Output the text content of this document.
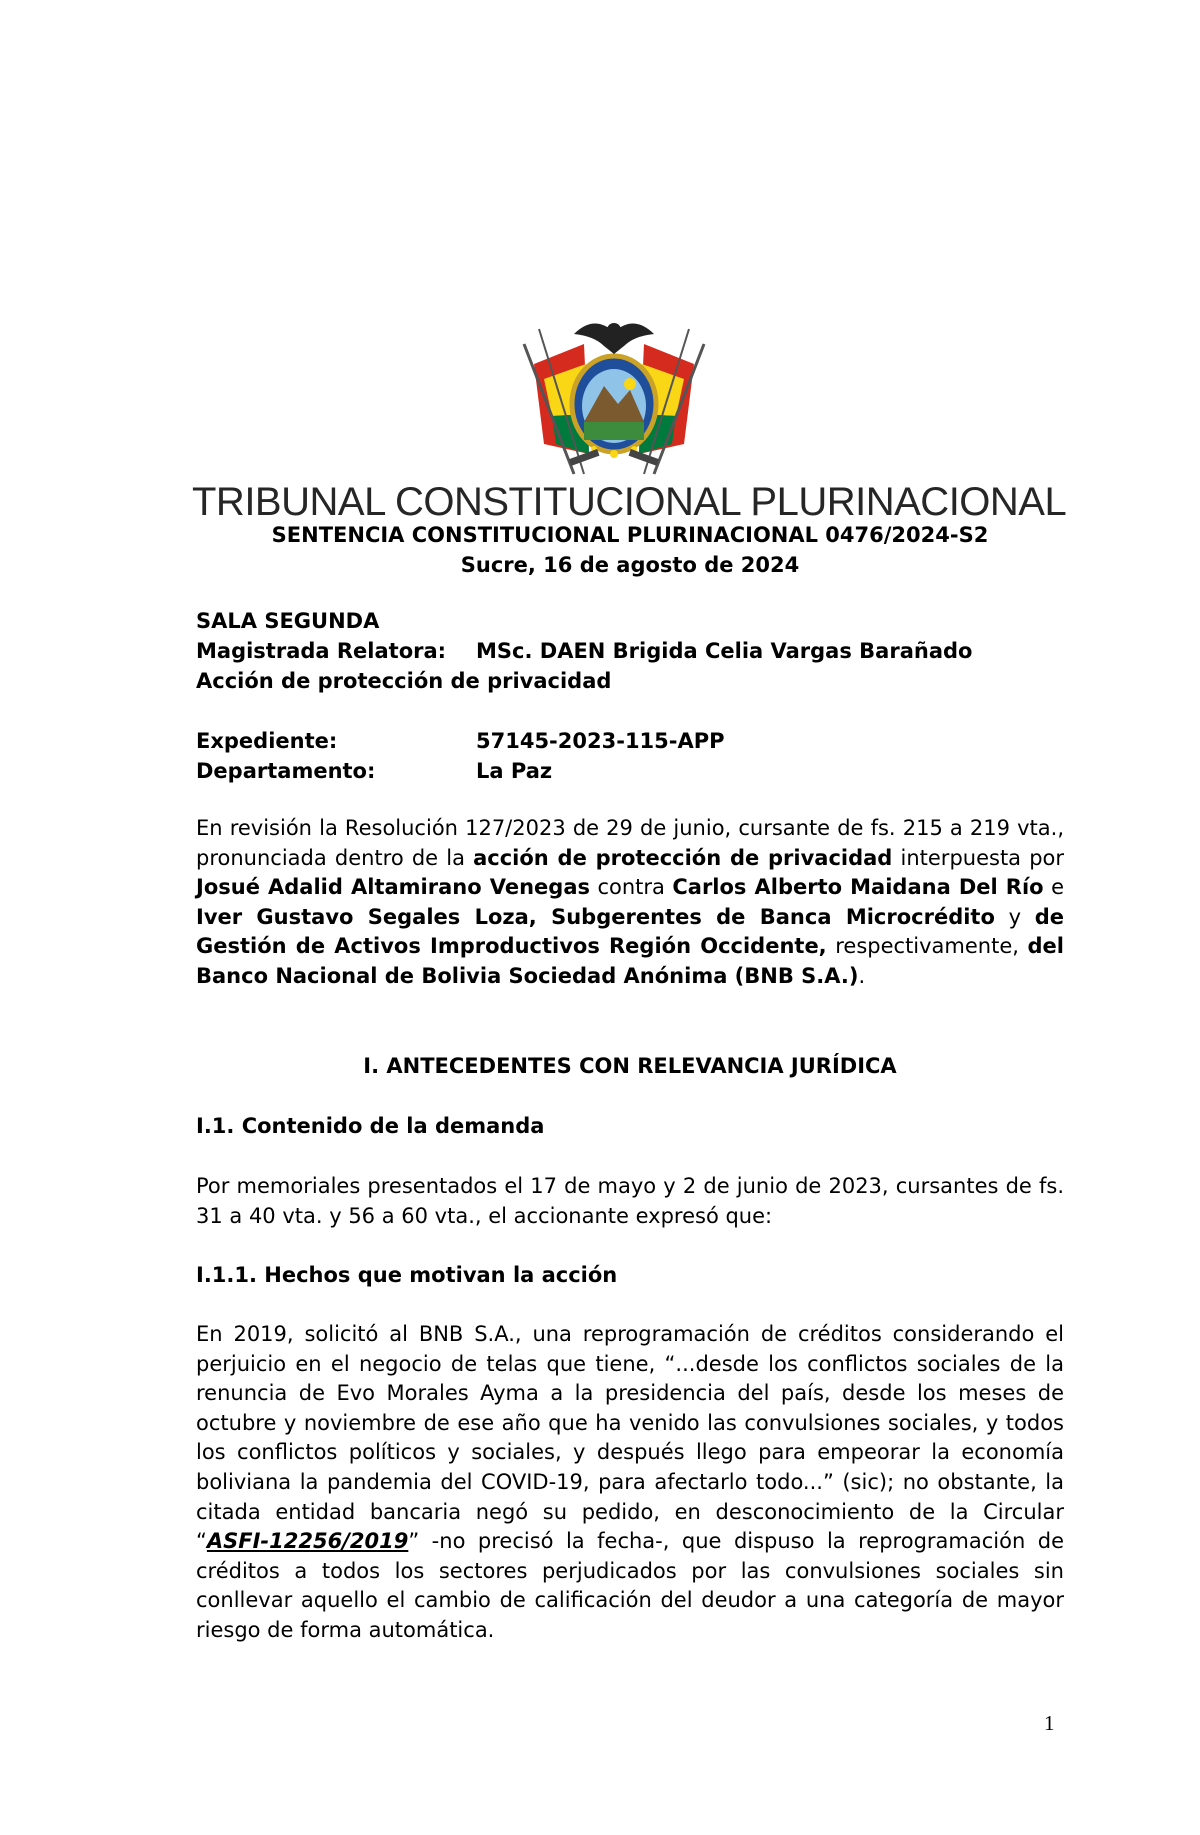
TRIBUNAL CONSTITUCIONAL PLURINACIONAL
SENTENCIA CONSTITUCIONAL PLURINACIONAL 0476/2024-S2
Sucre, 16 de agosto de 2024
SALA SEGUNDA
Magistrada Relatora:	MSc. DAEN Brigida Celia Vargas Barañado
Acción de protección de privacidad
Expediente:	57145-2023-115-APP
Departamento:	La Paz
En revisión la Resolución 127/2023 de 29 de junio, cursante de fs. 215 a 219 vta., pronunciada dentro de la acción de protección de privacidad interpuesta por Josué Adalid Altamirano Venegas contra Carlos Alberto Maidana Del Río e Iver Gustavo Segales Loza, Subgerentes de Banca Microcrédito y de Gestión de Activos Improductivos Región Occidente, respectivamente, del Banco Nacional de Bolivia Sociedad Anónima (BNB S.A.).
I. ANTECEDENTES CON RELEVANCIA JURÍDICA
I.1. Contenido de la demanda
Por memoriales presentados el 17 de mayo y 2 de junio de 2023, cursantes de fs. 31 a 40 vta. y 56 a 60 vta., el accionante expresó que:
I.1.1. Hechos que motivan la acción
En 2019, solicitó al BNB S.A., una reprogramación de créditos considerando el perjuicio en el negocio de telas que tiene, “...desde los conflictos sociales de la renuncia de Evo Morales Ayma a la presidencia del país, desde los meses de octubre y noviembre de ese año que ha venido las convulsiones sociales, y todos los conflictos políticos y sociales, y después llego para empeorar la economía boliviana la pandemia del COVID-19, para afectarlo todo...” (sic); no obstante, la citada entidad bancaria negó su pedido, en desconocimiento de la Circular “ASFI-12256/2019” -no precisó la fecha-, que dispuso la reprogramación de créditos a todos los sectores perjudicados por las convulsiones sociales sin conllevar aquello el cambio de calificación del deudor a una categoría de mayor riesgo de forma automática.
1
